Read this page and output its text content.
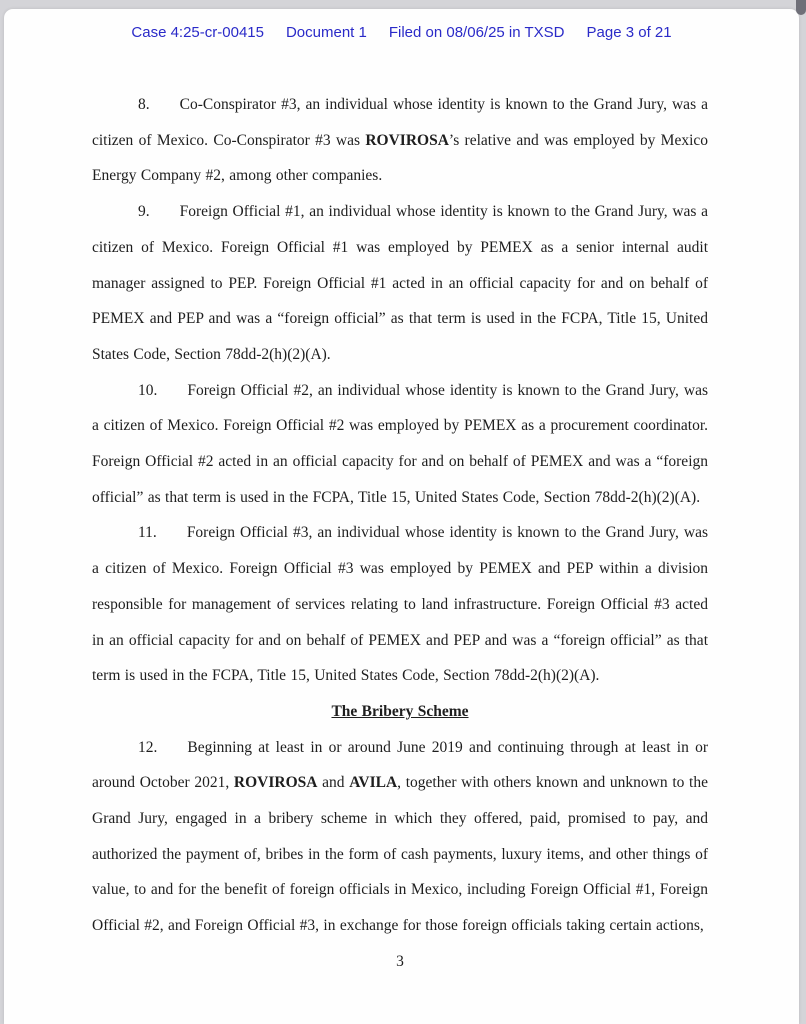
Case 4:25-cr-00415 Document 1 Filed on 08/06/25 in TXSD Page 3 of 21

8. Co-Conspirator #3, an individual whose identity is known to the Grand Jury, was a citizen of Mexico. Co-Conspirator #3 was ROVIROSA’s relative and was employed by Mexico Energy Company #2, among other companies.

9. Foreign Official #1, an individual whose identity is known to the Grand Jury, was a citizen of Mexico. Foreign Official #1 was employed by PEMEX as a senior internal audit manager assigned to PEP. Foreign Official #1 acted in an official capacity for and on behalf of PEMEX and PEP and was a “foreign official” as that term is used in the FCPA, Title 15, United States Code, Section 78dd-2(h)(2)(A).

10. Foreign Official #2, an individual whose identity is known to the Grand Jury, was a citizen of Mexico. Foreign Official #2 was employed by PEMEX as a procurement coordinator. Foreign Official #2 acted in an official capacity for and on behalf of PEMEX and was a “foreign official” as that term is used in the FCPA, Title 15, United States Code, Section 78dd-2(h)(2)(A).

11. Foreign Official #3, an individual whose identity is known to the Grand Jury, was a citizen of Mexico. Foreign Official #3 was employed by PEMEX and PEP within a division responsible for management of services relating to land infrastructure. Foreign Official #3 acted in an official capacity for and on behalf of PEMEX and PEP and was a “foreign official” as that term is used in the FCPA, Title 15, United States Code, Section 78dd-2(h)(2)(A).

The Bribery Scheme

12. Beginning at least in or around June 2019 and continuing through at least in or around October 2021, ROVIROSA and AVILA, together with others known and unknown to the Grand Jury, engaged in a bribery scheme in which they offered, paid, promised to pay, and authorized the payment of, bribes in the form of cash payments, luxury items, and other things of value, to and for the benefit of foreign officials in Mexico, including Foreign Official #1, Foreign Official #2, and Foreign Official #3, in exchange for those foreign officials taking certain actions,

3
